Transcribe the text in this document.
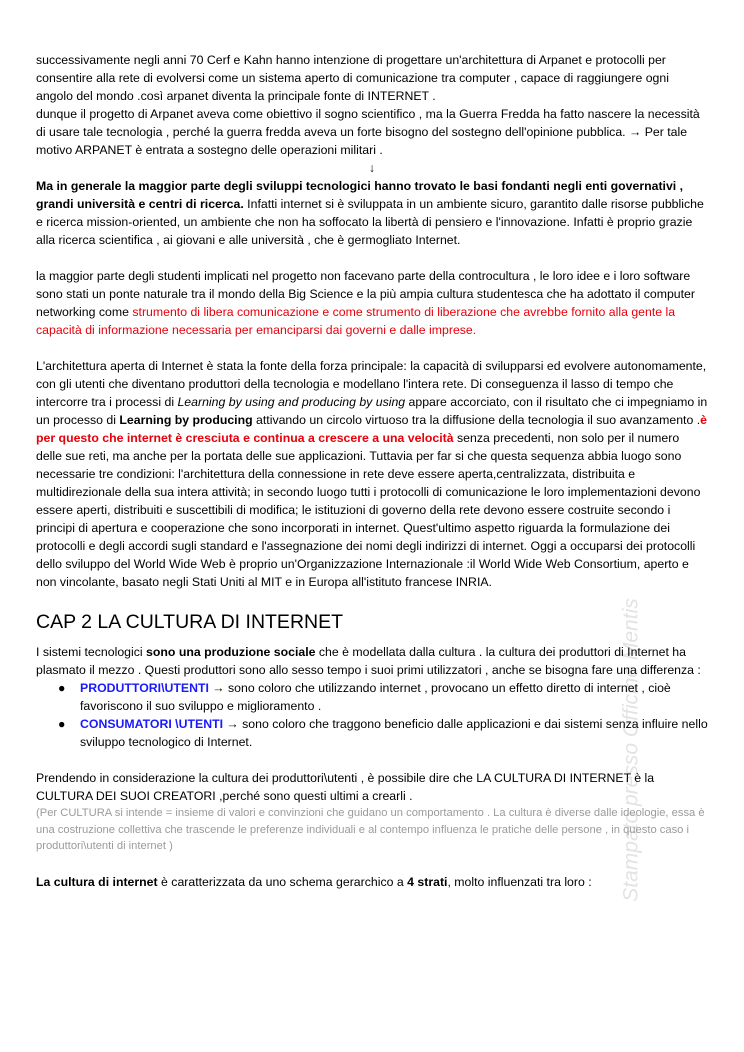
Stampato presso Officine Mentis

successivamente negli anni 70 Cerf e Kahn hanno intenzione di progettare un'architettura di Arpanet e protocolli per consentire alla rete di evolversi come un sistema aperto di comunicazione tra computer , capace di raggiungere ogni angolo del mondo .così arpanet diventa la principale fonte di INTERNET .

dunque il progetto di Arpanet aveva come obiettivo il sogno scientifico , ma la Guerra Fredda ha fatto nascere la necessità di usare tale tecnologia , perché la guerra fredda aveva un forte bisogno del sostegno dell'opinione pubblica. → Per tale motivo ARPANET è entrata a sostegno delle operazioni militari .

↓

Ma in generale la maggior parte degli sviluppi tecnologici hanno trovato le basi fondanti negli enti governativi , grandi università e centri di ricerca. Infatti internet si è sviluppata in un ambiente sicuro, garantito dalle risorse pubbliche e ricerca mission-oriented, un ambiente che non ha soffocato la libertà di pensiero e l'innovazione. Infatti è proprio grazie alla ricerca scientifica , ai giovani e alle università , che è germogliato Internet.

la maggior parte degli studenti implicati nel progetto non facevano parte della controcultura , le loro idee e i loro software sono stati un ponte naturale tra il mondo della Big Science e la più ampia cultura studentesca che ha adottato il computer networking come strumento di libera comunicazione e come strumento di liberazione che avrebbe fornito alla gente la capacità di informazione necessaria per emanciparsi dai governi e dalle imprese.

L'architettura aperta di Internet è stata la fonte della forza principale: la capacità di svilupparsi ed evolvere autonomamente, con gli utenti che diventano produttori della tecnologia e modellano l'intera rete. Di conseguenza il lasso di tempo che intercorre tra i processi di Learning by using and producing by using appare accorciato, con il risultato che ci impegniamo in un processo di Learning by producing attivando un circolo virtuoso tra la diffusione della tecnologia il suo avanzamento .è per questo che internet è cresciuta e continua a crescere a una velocità senza precedenti, non solo per il numero delle sue reti, ma anche per la portata delle sue applicazioni. Tuttavia per far si che questa sequenza abbia luogo sono necessarie tre condizioni: l'architettura della connessione in rete deve essere aperta,centralizzata, distribuita e multidirezionale della sua intera attività; in secondo luogo tutti i protocolli di comunicazione le loro implementazioni devono essere aperti, distribuiti e suscettibili di modifica; le istituzioni di governo della rete devono essere costruite secondo i principi di apertura e cooperazione che sono incorporati in internet. Quest'ultimo aspetto riguarda la formulazione dei protocolli e degli accordi sugli standard e l'assegnazione dei nomi degli indirizzi di internet. Oggi a occuparsi dei protocolli dello sviluppo del World Wide Web è proprio un'Organizzazione Internazionale :il World Wide Web Consortium, aperto e non vincolante, basato negli Stati Uniti al MIT e in Europa all'istituto francese INRIA.

CAP 2 LA CULTURA DI INTERNET

I sistemi tecnologici sono una produzione sociale che è modellata dalla cultura . la cultura dei produttori di Internet ha plasmato il mezzo . Questi produttori sono allo sesso tempo i suoi primi utilizzatori , anche se bisogna fare una differenza :

● PRODUTTORI\UTENTI → sono coloro che utilizzando internet , provocano un effetto diretto di internet , cioè favoriscono il suo sviluppo e miglioramento .
● CONSUMATORI \UTENTI → sono coloro che traggono beneficio dalle applicazioni e dai sistemi senza influire nello sviluppo tecnologico di Internet.

Prendendo in considerazione la cultura dei produttori\utenti , è possibile dire che LA CULTURA DI INTERNET è la CULTURA DEI SUOI CREATORI ,perché sono questi ultimi a crearli .

(Per CULTURA si intende = insieme di valori e convinzioni che guidano un comportamento . La cultura è diverse dalle ideologie, essa è una costruzione collettiva che trascende le preferenze individuali e al contempo influenza le pratiche delle persone , in questo caso i produttori\utenti di internet )

La cultura di internet è caratterizzata da uno schema gerarchico a 4 strati, molto influenzati tra loro :
